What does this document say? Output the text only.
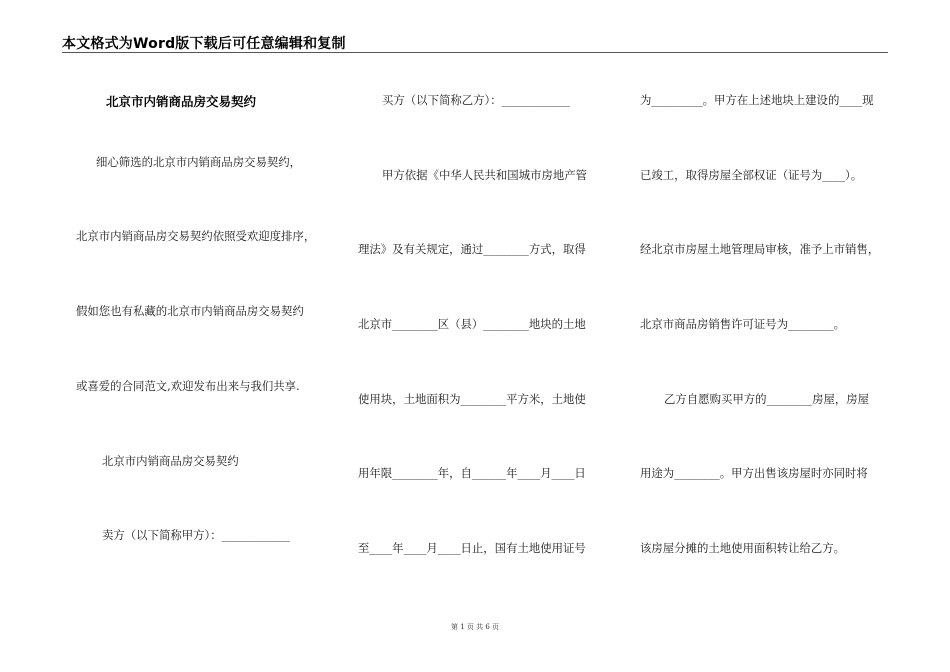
本文格式为Word版下载后可任意编辑和复制
北京市内销商品房交易契约
细心筛选的北京市内销商品房交易契约，
北京市内销商品房交易契约依照受欢迎度排序，
假如您也有私藏的北京市内销商品房交易契约
或喜爱的合同范文,欢迎发布出来与我们共享.
北京市内销商品房交易契约
卖方（以下简称甲方）：____________
买方（以下简称乙方）：____________
甲方依据《中华人民共和国城市房地产管
理法》及有关规定，通过________方式，取得
北京市________区（县）________地块的土地
使用块，土地面积为________平方米，土地使
用年限________年，自______年____月____日
至____年____月____日止，国有土地使用证号
为_________。甲方在上述地块上建设的____现
已竣工，取得房屋全部权证（证号为____）。
经北京市房屋土地管理局审核，准予上市销售，
北京市商品房销售许可证号为________。
乙方自愿购买甲方的________房屋，房屋
用途为________。甲方出售该房屋时亦同时将
该房屋分摊的土地使用面积转让给乙方。
第 1 页 共 6 页
